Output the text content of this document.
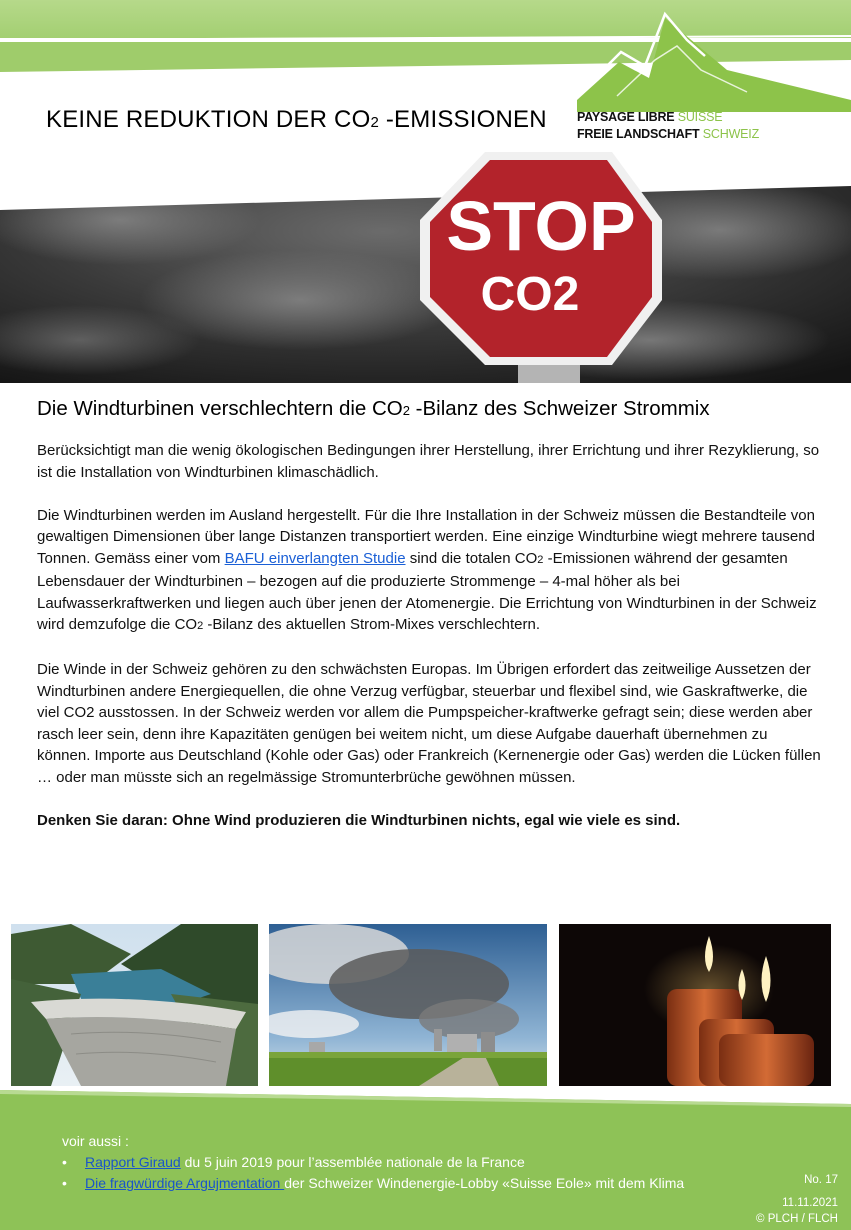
PAYSAGE LIBRE SUISSE
FREIE LANDSCHAFT SCHWEIZ
KEINE REDUKTION DER CO2 -EMISSIONEN
STOP
CO2
Die Windturbinen verschlechtern die CO2 -Bilanz des Schweizer Strommix

Berücksichtigt man die wenig ökologischen Bedingungen ihrer Herstellung, ihrer Errichtung und ihrer Rezyklierung, so ist die Installation von Windturbinen klimaschädlich.

Die Windturbinen werden im Ausland hergestellt. Für die Ihre Installation in der Schweiz müssen die Bestandteile von gewaltigen Dimensionen über lange Distanzen transportiert werden. Eine einzige Windturbine wiegt mehrere tausend Tonnen. Gemäss einer vom BAFU einverlangten Studie sind die totalen CO2 -Emissionen während der gesamten Lebensdauer der Windturbinen – bezogen auf die produzierte Strommenge – 4-mal höher als bei Laufwasserkraftwerken und liegen auch über jenen der Atomenergie. Die Errichtung von Windturbinen in der Schweiz wird demzufolge die CO2 -Bilanz des aktuellen Strom-Mixes verschlechtern.

Die Winde in der Schweiz gehören zu den schwächsten Europas. Im Übrigen erfordert das zeitweilige Aussetzen der Windturbinen andere Energiequellen, die ohne Verzug verfügbar, steuerbar und flexibel sind, wie Gaskraftwerke, die viel CO2 ausstossen. In der Schweiz werden vor allem die Pumpspeicher-kraftwerke gefragt sein; diese werden aber rasch leer sein, denn ihre Kapazitäten genügen bei weitem nicht, um diese Aufgabe dauerhaft übernehmen zu können. Importe aus Deutschland (Kohle oder Gas) oder Frankreich (Kernenergie oder Gas) werden die Lücken füllen … oder man müsste sich an regelmässige Stromunterbrüche gewöhnen müssen.

Denken Sie daran: Ohne Wind produzieren die Windturbinen nichts, egal wie viele es sind.

voir aussi :
• Rapport Giraud du 5 juin 2019 pour l’assemblée nationale de la France
• Die fragwürdige Argujmentation der Schweizer Windenergie-Lobby «Suisse Eole» mit dem Klima	No. 17
11.11.2021
© PLCH / FLCH
